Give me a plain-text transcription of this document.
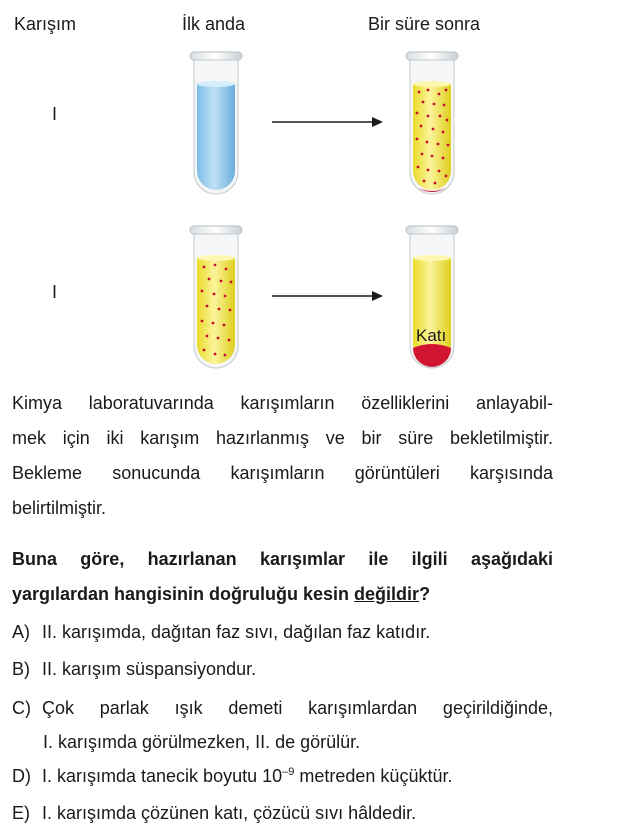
Karışım	İlk anda	Bir süre sonra
I
I
Katı
Kimya laboratuvarında karışımların özelliklerini anlayabil-
mek için iki karışım hazırlanmış ve bir süre bekletilmiştir.
Bekleme sonucunda karışımların görüntüleri karşısında
belirtilmiştir.
Buna göre, hazırlanan karışımlar ile ilgili aşağıdaki
yargılardan hangisinin doğruluğu kesin değildir?
A) II. karışımda, dağıtan faz sıvı, dağılan faz katıdır.
B) II. karışım süspansiyondur.
C) Çok parlak ışık demeti karışımlardan geçirildiğinde,
I. karışımda görülmezken, II. de görülür.
D) I. karışımda tanecik boyutu $10^{-9}$ metreden küçüktür.
E) I. karışımda çözünen katı, çözücü sıvı hâldedir.
